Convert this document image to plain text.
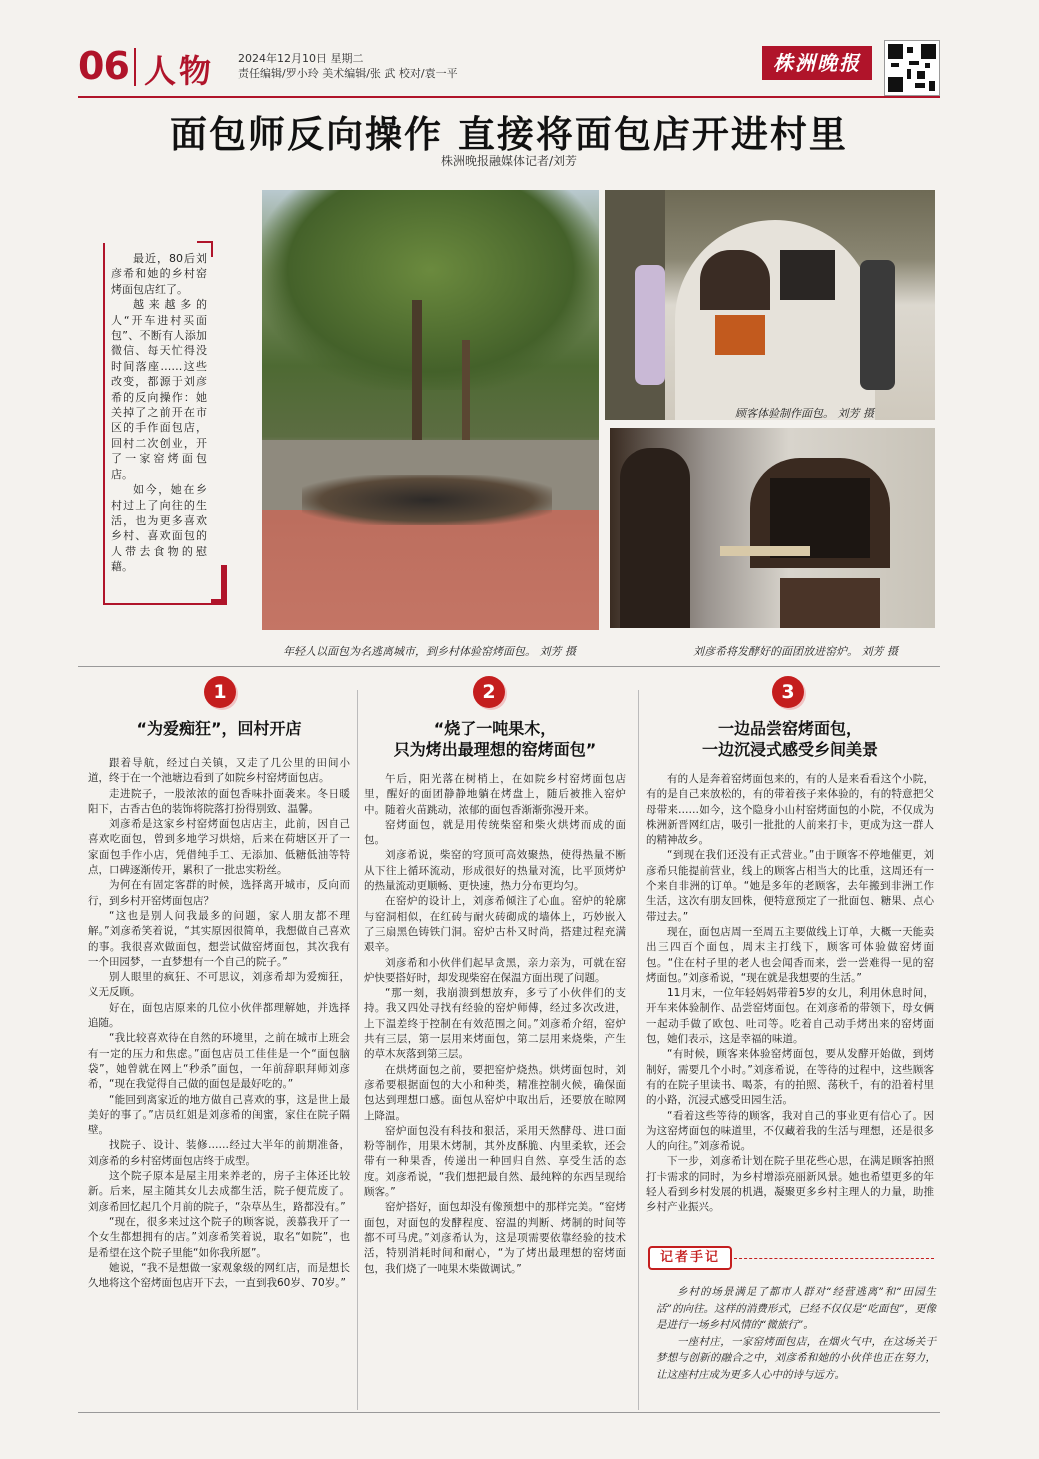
06 人物 2024年12月10日 星期二
责任编辑/罗小玲 美术编辑/张 武 校对/袁一平	株洲晚报
面包师反向操作 直接将面包店开进村里
株洲晚报融媒体记者/刘芳
年轻人以面包为名逃离城市，到乡村体验窑烤面包。 刘芳 摄
顾客体验制作面包。 刘芳 摄
刘彦希将发酵好的面团放进窑炉。 刘芳 摄

最近，80后刘彦希和她的乡村窑烤面包店红了。

越来越多的人“开车进村买面包”、不断有人添加微信、每天忙得没时间落座……这些改变，都源于刘彦希的反向操作：她关掉了之前开在市区的手作面包店，回村二次创业，开了一家窑烤面包店。

如今，她在乡村过上了向往的生活，也为更多喜欢乡村、喜欢面包的人带去食物的慰藉。

1
“为爱痴狂”，回村开店

跟着导航，经过白关镇，又走了几公里的田间小道，终于在一个池塘边看到了如院乡村窑烤面包店。

走进院子，一股浓浓的面包香味扑面袭来。冬日暖阳下，古香古色的装饰将院落打扮得别致、温馨。

刘彦希是这家乡村窑烤面包店店主，此前，因自己喜欢吃面包，曾到多地学习烘焙，后来在荷塘区开了一家面包手作小店，凭借纯手工、无添加、低糖低油等特点，口碑逐渐传开，累积了一批忠实粉丝。

为何在有固定客群的时候，选择离开城市，反向而行，到乡村开窑烤面包店？

“这也是别人问我最多的问题，家人朋友都不理解。”刘彦希笑着说，“其实原因很简单，我想做自己喜欢的事。我很喜欢做面包，想尝试做窑烤面包，其次我有一个田园梦，一直梦想有一个自己的院子。”

别人眼里的疯狂、不可思议，刘彦希却为爱痴狂，义无反顾。

好在，面包店原来的几位小伙伴都理解她，并选择追随。

“我比较喜欢待在自然的环境里，之前在城市上班会有一定的压力和焦虑。”面包店员工佳佳是一个“面包脑袋”，她曾就在网上“秒杀”面包，一年前辞职拜师刘彦希，“现在我觉得自己做的面包是最好吃的。”

“能回到离家近的地方做自己喜欢的事，这是世上最美好的事了。”店员红姐是刘彦希的闺蜜，家住在院子隔壁。

找院子、设计、装修……经过大半年的前期准备，刘彦希的乡村窑烤面包店终于成型。

这个院子原本是屋主用来养老的，房子主体还比较新。后来，屋主随其女儿去成都生活，院子便荒废了。刘彦希回忆起几个月前的院子，“杂草丛生，路都没有。”

“现在，很多来过这个院子的顾客说，羡慕我开了一个女生都想拥有的店。”刘彦希笑着说，取名“如院”，也是希望在这个院子里能“如你我所愿”。

她说，“我不是想做一家观象级的网红店，而是想长久地将这个窑烤面包店开下去，一直到我60岁、70岁。”

2
“烧了一吨果木，
只为烤出最理想的窑烤面包”

午后，阳光落在树梢上，在如院乡村窑烤面包店里，醒好的面团静静地躺在烤盘上，随后被推入窑炉中。随着火苗跳动，浓郁的面包香渐渐弥漫开来。

窑烤面包，就是用传统柴窑和柴火烘烤而成的面包。

刘彦希说，柴窑的穹顶可高效聚热，使得热量不断从下往上循环流动，形成很好的热量对流，比平顶烤炉的热量流动更顺畅、更快速，热力分布更均匀。

在窑炉的设计上，刘彦希倾注了心血。窑炉的轮廓与窑洞相似，在红砖与耐火砖砌成的墙体上，巧妙嵌入了三扇黑色铸铁门洞。窑炉古朴又时尚，搭建过程充满艰辛。

刘彦希和小伙伴们起早贪黑，亲力亲为，可就在窑炉快要搭好时，却发现柴窑在保温方面出现了问题。

“那一刻，我崩溃到想放弃，多亏了小伙伴们的支持。我又四处寻找有经验的窑炉师傅，经过多次改进，上下温差终于控制在有效范围之间。”刘彦希介绍，窑炉共有三层，第一层用来烤面包，第二层用来烧柴，产生的草木灰落到第三层。

在烘烤面包之前，要把窑炉烧热。烘烤面包时，刘彦希要根据面包的大小和种类，精准控制火候，确保面包达到理想口感。面包从窑炉中取出后，还要放在晾网上降温。

窑炉面包没有科技和狠活，采用天然酵母、进口面粉等制作，用果木烤制，其外皮酥脆、内里柔软，还会带有一种果香，传递出一种回归自然、享受生活的态度。刘彦希说，“我们想把最自然、最纯粹的东西呈现给顾客。”

窑炉搭好，面包却没有像预想中的那样完美。“窑烤面包，对面包的发酵程度、窑温的判断、烤制的时间等都不可马虎。”刘彦希认为，这是项需要依靠经验的技术活，特别消耗时间和耐心，“为了烤出最理想的窑烤面包，我们烧了一吨果木柴做调试。”

3
一边品尝窑烤面包，
一边沉浸式感受乡间美景

有的人是奔着窑烤面包来的，有的人是来看看这个小院，有的是自己来放松的，有的带着孩子来体验的，有的特意把父母带来……如今，这个隐身小山村窑烤面包的小院，不仅成为株洲新晋网红店，吸引一批批的人前来打卡，更成为这一群人的精神故乡。

“到现在我们还没有正式营业。”由于顾客不停地催更，刘彦希只能提前营业，线上的顾客占相当大的比重，这周还有一个来自非洲的订单。“她是多年的老顾客，去年搬到非洲工作生活，这次有朋友回株，便特意预定了一批面包、糖果、点心带过去。”

现在，面包店周一至周五主要做线上订单，大概一天能卖出三四百个面包，周末主打线下，顾客可体验做窑烤面包。“住在村子里的老人也会闻香而来，尝一尝难得一见的窑烤面包。”刘彦希说，“现在就是我想要的生活。”

11月末，一位年轻妈妈带着5岁的女儿，利用休息时间，开车来体验制作、品尝窑烤面包。在刘彦希的带领下，母女俩一起动手做了欧包、吐司等。吃着自己动手烤出来的窑烤面包，她们表示，这是幸福的味道。

“有时候，顾客来体验窑烤面包，要从发酵开始做，到烤制好，需要几个小时。”刘彦希说，在等待的过程中，这些顾客有的在院子里读书、喝茶，有的拍照、荡秋千，有的沿着村里的小路，沉浸式感受田园生活。

“看着这些等待的顾客，我对自己的事业更有信心了。因为这窑烤面包的味道里，不仅藏着我的生活与理想，还是很多人的向往。”刘彦希说。

下一步，刘彦希计划在院子里花些心思，在满足顾客拍照打卡需求的同时，为乡村增添亮丽新风景。她也希望更多的年轻人看到乡村发展的机遇，凝聚更多乡村主理人的力量，助推乡村产业振兴。

记者手记

乡村的场景满足了都市人群对“经营逃离”和“田园生活”的向往。这样的消费形式，已经不仅仅是“吃面包”，更像是进行一场乡村风情的“微旅行”。

一座村庄，一家窑烤面包店，在烟火气中，在这场关于梦想与创新的融合之中，刘彦希和她的小伙伴也正在努力，让这座村庄成为更多人心中的诗与远方。
